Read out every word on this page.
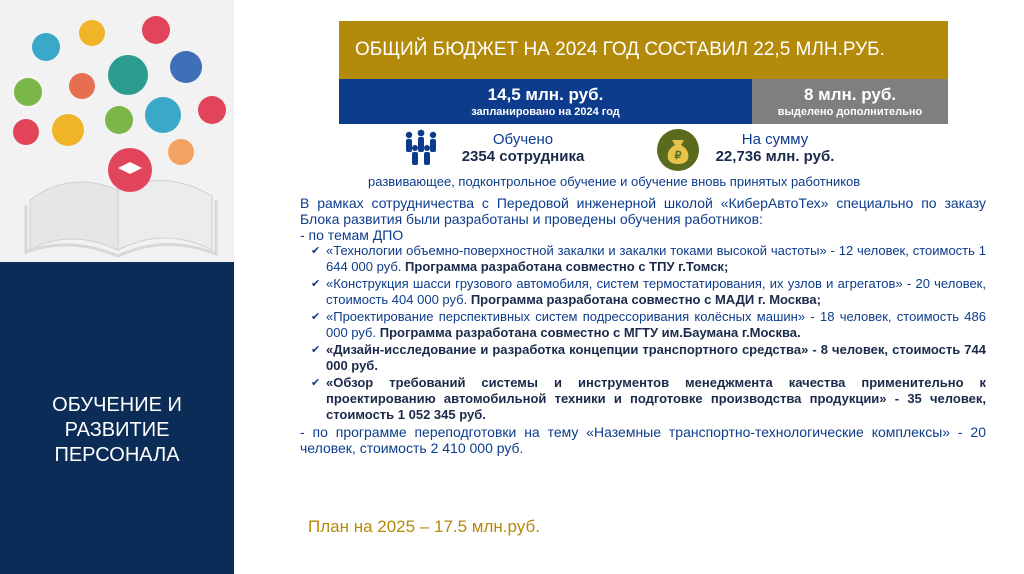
ОБУЧЕНИЕ И РАЗВИТИЕ ПЕРСОНАЛА
ОБЩИЙ БЮДЖЕТ НА 2024 ГОД СОСТАВИЛ 22,5 МЛН.РУБ.
14,5 млн. руб.
запланировано на 2024 год
8 млн. руб.
выделено дополнительно
Обучено
2354 сотрудника	₽
На сумму
22,736 млн. руб.
развивающее, подконтрольное обучение и обучение вновь принятых работников

В рамках сотрудничества с Передовой инженерной школой «КиберАвтоТех» специально по заказу Блока развития были разработаны и проведены обучения работников:

- по темам ДПО

✔ «Технологии объемно-поверхностной закалки и закалки токами высокой частоты» - 12 человек, стоимость 1 644 000 руб. Программа разработана совместно с ТПУ г.Томск;
✔ «Конструкция шасси грузового автомобиля, систем термостатирования, их узлов и агрегатов» - 20 человек, стоимость 404 000 руб. Программа разработана совместно с МАДИ г. Москва;
✔ «Проектирование перспективных систем подрессоривания колёсных машин» - 18 человек, стоимость 486 000 руб. Программа разработана совместно с МГТУ им.Баумана г.Москва.
✔ «Дизайн-исследование и разработка концепции транспортного средства» - 8 человек, стоимость 744 000 руб.
✔ «Обзор требований системы и инструментов менеджмента качества применительно к проектированию автомобильной техники и подготовке производства продукции» - 35 человек, стоимость 1 052 345 руб.

- по программе переподготовки на тему «Наземные транспортно-технологические комплексы» - 20 человек, стоимость 2 410 000 руб.

План на 2025 – 17.5 млн.руб.
